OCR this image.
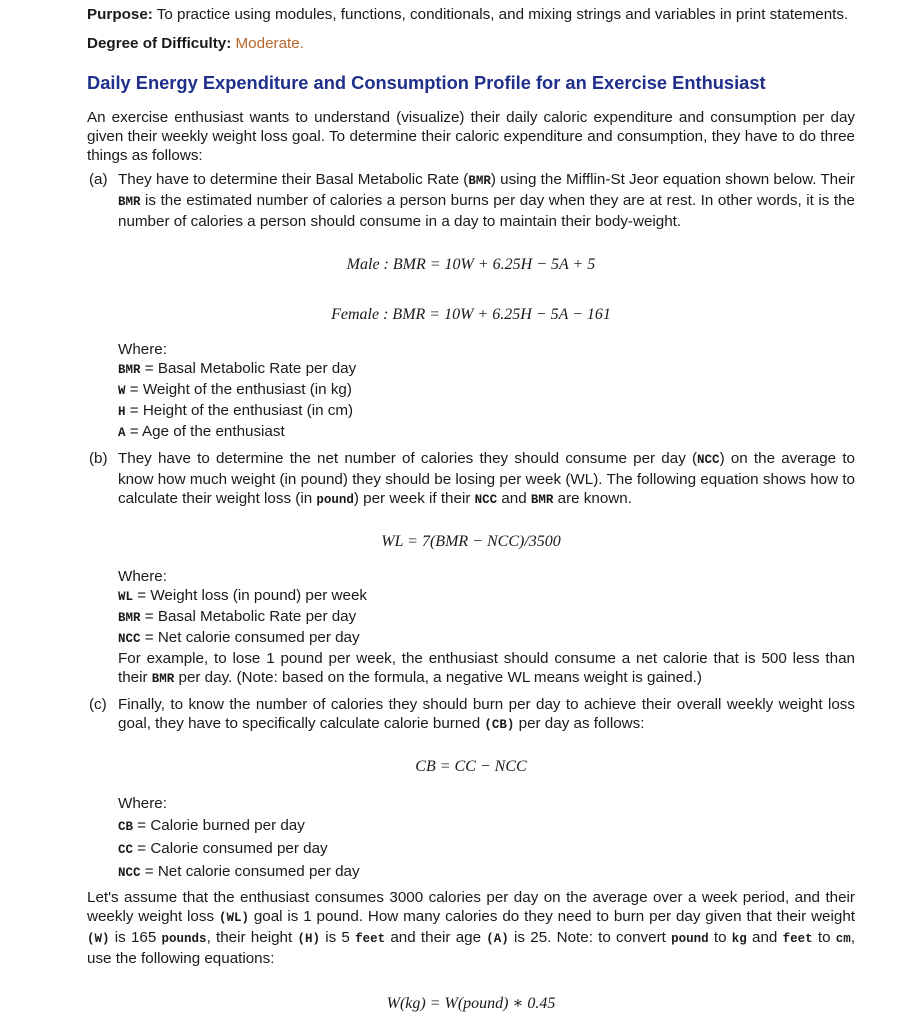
Purpose: To practice using modules, functions, conditionals, and mixing strings and variables in print statements.

Degree of Difficulty: Moderate.

Daily Energy Expenditure and Consumption Profile for an Exercise Enthusiast

An exercise enthusiast wants to understand (visualize) their daily caloric expenditure and consumption per day given their weekly weight loss goal. To determine their caloric expenditure and consumption, they have to do three things as follows:

(a) They have to determine their Basal Metabolic Rate (BMR) using the Mifflin-St Jeor equation shown below. Their BMR is the estimated number of calories a person burns per day when they are at rest. In other words, it is the number of calories a person should consume in a day to maintain their body-weight.
Male : BMR = 10W + 6.25H − 5A + 5
Female : BMR = 10W + 6.25H − 5A − 161
Where:
BMR = Basal Metabolic Rate per day
W = Weight of the enthusiast (in kg)
H = Height of the enthusiast (in cm)
A = Age of the enthusiast
(b) They have to determine the net number of calories they should consume per day (NCC) on the average to know how much weight (in pound) they should be losing per week (WL). The following equation shows how to calculate their weight loss (in pound) per week if their NCC and BMR are known.
WL = 7(BMR − NCC)/3500
Where:
WL = Weight loss (in pound) per week
BMR = Basal Metabolic Rate per day
NCC = Net calorie consumed per day
For example, to lose 1 pound per week, the enthusiast should consume a net calorie that is 500 less than their BMR per day. (Note: based on the formula, a negative WL means weight is gained.)
(c) Finally, to know the number of calories they should burn per day to achieve their overall weekly weight loss goal, they have to specifically calculate calorie burned (CB) per day as follows:
CB = CC − NCC
Where:
CB = Calorie burned per day
CC = Calorie consumed per day
NCC = Net calorie consumed per day

Let's assume that the enthusiast consumes 3000 calories per day on the average over a week period, and their weekly weight loss (WL) goal is 1 pound. How many calories do they need to burn per day given that their weight (W) is 165 pounds, their height (H) is 5 feet and their age (A) is 25. Note: to convert pound to kg and feet to cm, use the following equations:

W(kg) = W(pound) ∗ 0.45
